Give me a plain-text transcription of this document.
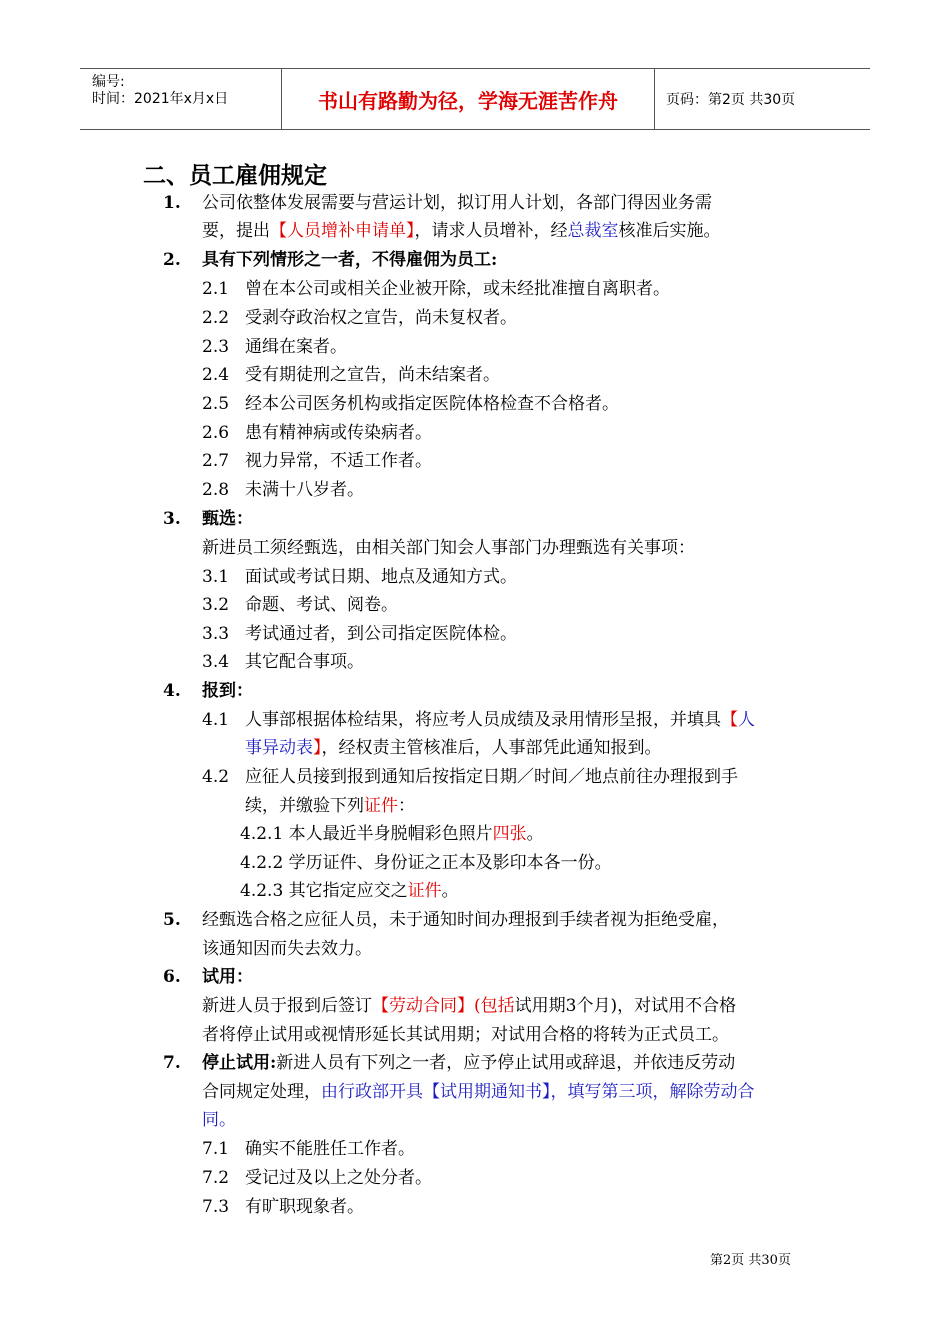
编号:
时间：2021年x月x日	书山有路勤为径，学海无涯苦作舟	页码：第2页 共30页
二、员工雇佣规定
1. 公司依整体发展需要与营运计划，拟订用人计划，各部门得因业务需
要，提出【人员增补申请单】，请求人员增补，经总裁室核准后实施。
2. 具有下列情形之一者，不得雇佣为员工:
2.1 曾在本公司或相关企业被开除，或未经批准擅自离职者。
2.2 受剥夺政治权之宣告，尚未复权者。
2.3 通缉在案者。
2.4 受有期徒刑之宣告，尚未结案者。
2.5 经本公司医务机构或指定医院体格检查不合格者。
2.6 患有精神病或传染病者。
2.7 视力异常，不适工作者。
2.8 未满十八岁者。
3. 甄选：
新进员工须经甄选，由相关部门知会人事部门办理甄选有关事项：
3.1 面试或考试日期、地点及通知方式。
3.2 命题、考试、阅卷。
3.3 考试通过者，到公司指定医院体检。
3.4 其它配合事项。
4. 报到：
4.1 人事部根据体检结果，将应考人员成绩及录用情形呈报，并填具【人
事异动表】，经权责主管核准后，人事部凭此通知报到。
4.2 应征人员接到报到通知后按指定日期／时间／地点前往办理报到手
续，并缴验下列证件：
4.2.1 本人最近半身脱帽彩色照片四张。
4.2.2 学历证件、身份证之正本及影印本各一份。
4.2.3 其它指定应交之证件。
5. 经甄选合格之应征人员，未于通知时间办理报到手续者视为拒绝受雇，
该通知因而失去效力。
6. 试用：
新进人员于报到后签订【劳动合同】(包括试用期3个月)，对试用不合格
者将停止试用或视情形延长其试用期；对试用合格的将转为正式员工。
7. 停止试用:新进人员有下列之一者，应予停止试用或辞退，并依违反劳动
合同规定处理，由行政部开具【试用期通知书】，填写第三项，解除劳动合
同。
7.1 确实不能胜任工作者。
7.2 受记过及以上之处分者。
7.3 有旷职现象者。
第2页 共30页
